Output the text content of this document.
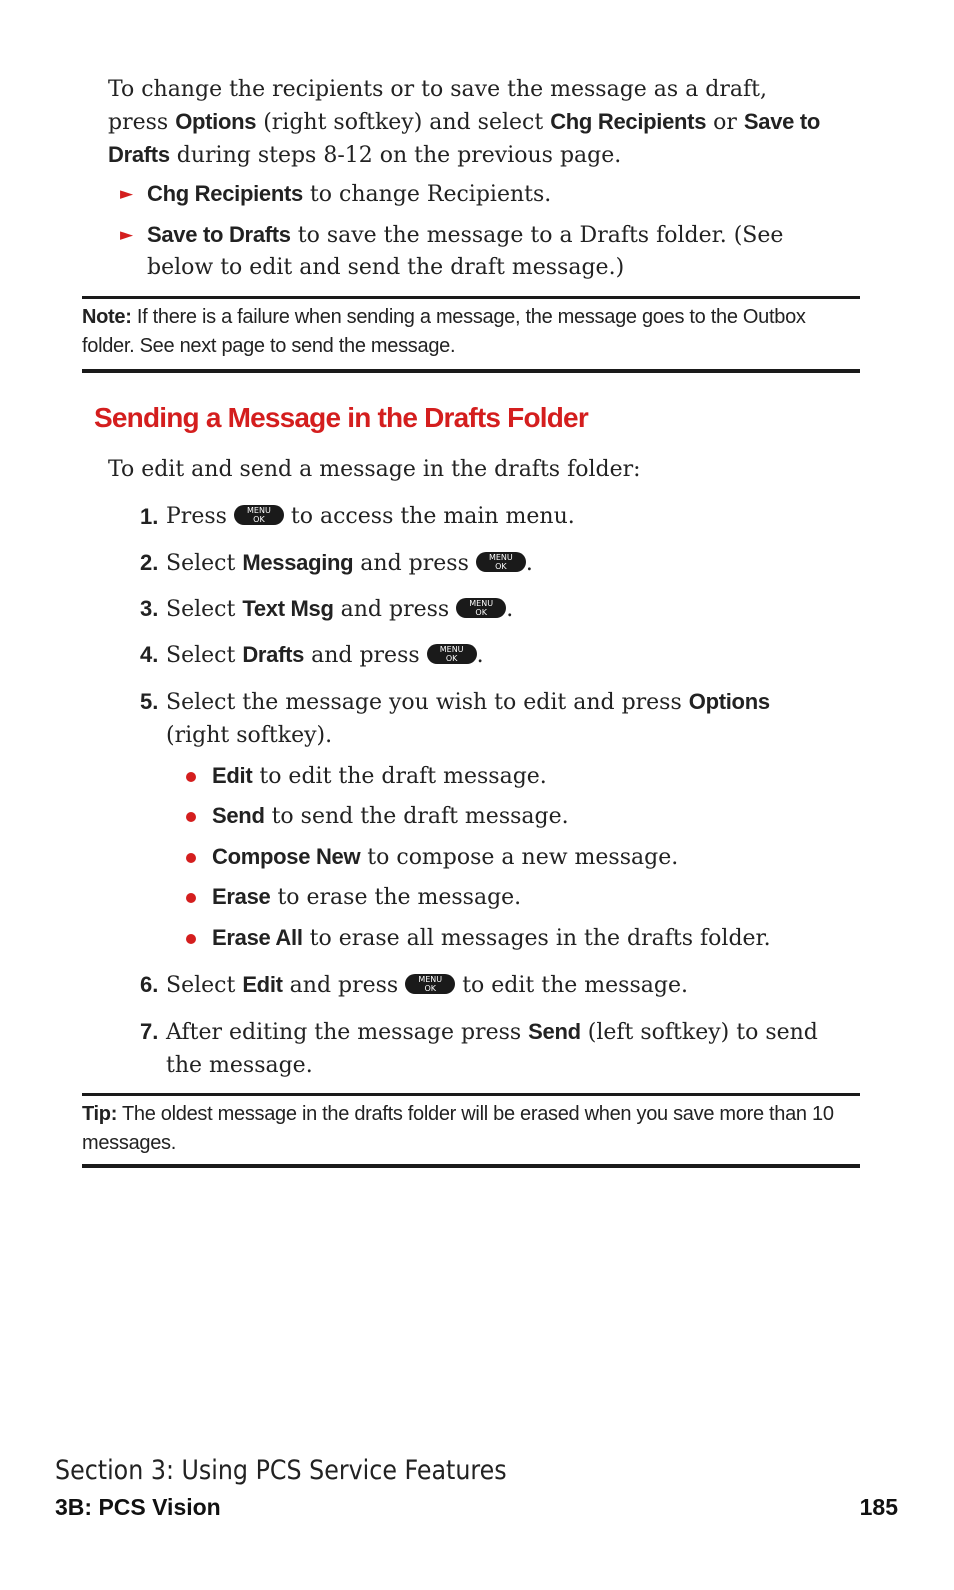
To change the recipients or to save the message as a draft, press Options (right softkey) and select Chg Recipients or Save to Drafts during steps 8-12 on the previous page.
► Chg Recipients to change Recipients.
► Save to Drafts to save the message to a Drafts folder. (See below to edit and send the draft message.)
Note: If there is a failure when sending a message, the message goes to the Outbox folder. See next page to send the message.
Sending a Message in the Drafts Folder
To edit and send a message in the drafts folder:
1. Press	MENU
OK to access the main menu.
2. Select Messaging and press	MENU
OK .
3. Select Text Msg and press	MENU
OK .
4. Select Drafts and press	MENU
OK .
5. Select the message you wish to edit and press Options (right softkey).
Edit to edit the draft message.
Send to send the draft message.
Compose New to compose a new message.
Erase to erase the message.
Erase All to erase all messages in the drafts folder.
6. Select Edit and press	MENU
OK to edit the message.
7. After editing the message press Send (left softkey) to send the message.
Tip: The oldest message in the drafts folder will be erased when you save more than 10 messages.
Section 3: Using PCS Service Features
3B: PCS Vision	185
